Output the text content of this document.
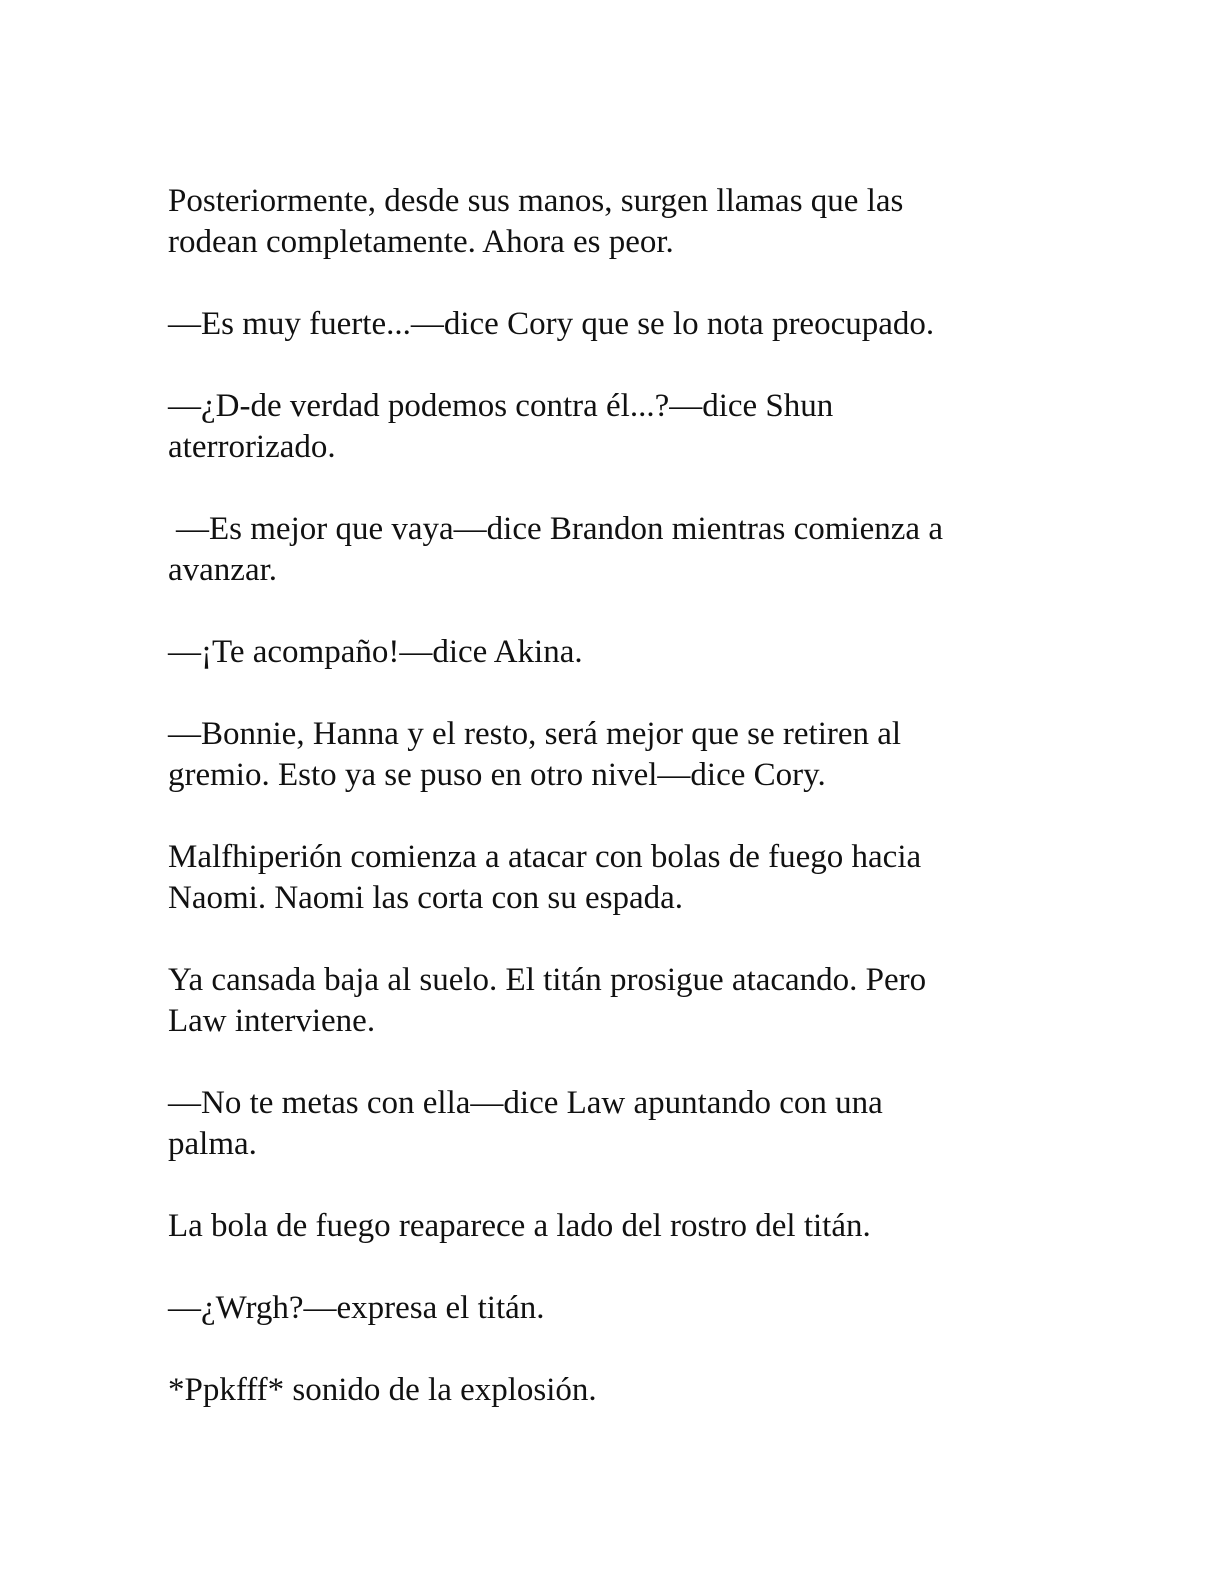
Posteriormente, desde sus manos, surgen llamas que las
rodean completamente. Ahora es peor.

—Es muy fuerte...—dice Cory que se lo nota preocupado.

—¿D-de verdad podemos contra él...?—dice Shun
aterrorizado.

—Es mejor que vaya—dice Brandon mientras comienza a
avanzar.

—¡Te acompaño!—dice Akina.

—Bonnie, Hanna y el resto, será mejor que se retiren al
gremio. Esto ya se puso en otro nivel—dice Cory.

Malfhiperión comienza a atacar con bolas de fuego hacia
Naomi. Naomi las corta con su espada.

Ya cansada baja al suelo. El titán prosigue atacando. Pero
Law interviene.

—No te metas con ella—dice Law apuntando con una
palma.

La bola de fuego reaparece a lado del rostro del titán.

—¿Wrgh?—expresa el titán.

*Ppkfff* sonido de la explosión.
